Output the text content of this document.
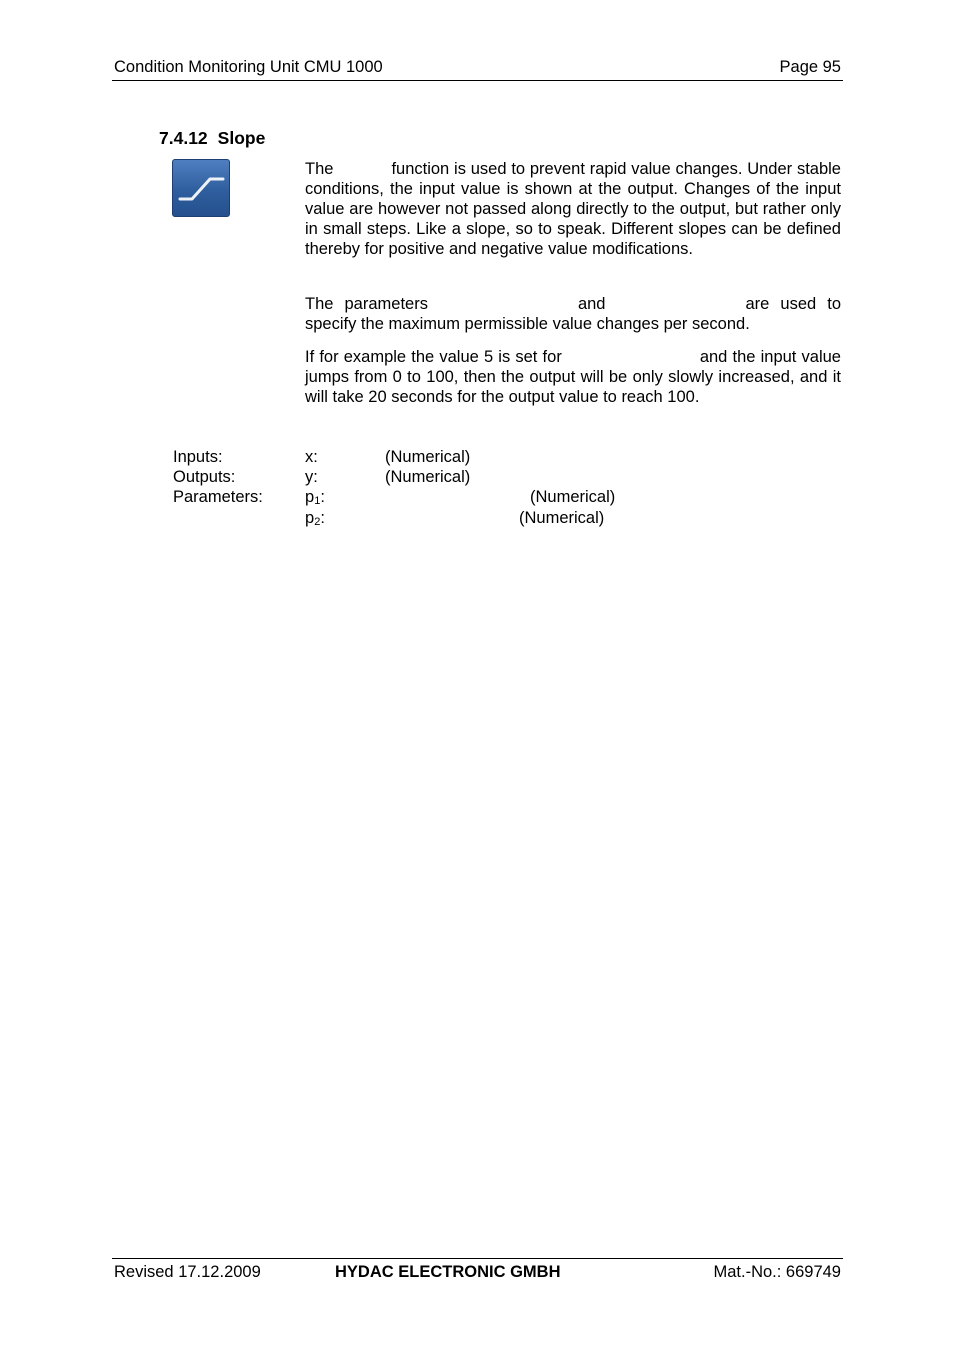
Condition Monitoring Unit CMU 1000	Page 95
7.4.12 Slope
The	function is used to prevent rapid value changes. Under stable conditions, the input value is shown at the output. Changes of the input value are however not passed along directly to the output, but rather only in small steps. Like a slope, so to speak. Different slopes can be defined thereby for positive and negative value modifications.
The parameters	and	are used to specify the maximum permissible value changes per second.
If for example the value 5 is set for	and the input value jumps from 0 to 100, then the output will be only slowly increased, and it will take 20 seconds for the output value to reach 100.
Inputs:	x:	(Numerical)
Outputs:	y:	(Numerical)
Parameters:	$p_1$:	(Numerical)
$p_2$:	(Numerical)
Revised 17.12.2009	HYDAC ELECTRONIC GMBH	Mat.-No.: 669749
